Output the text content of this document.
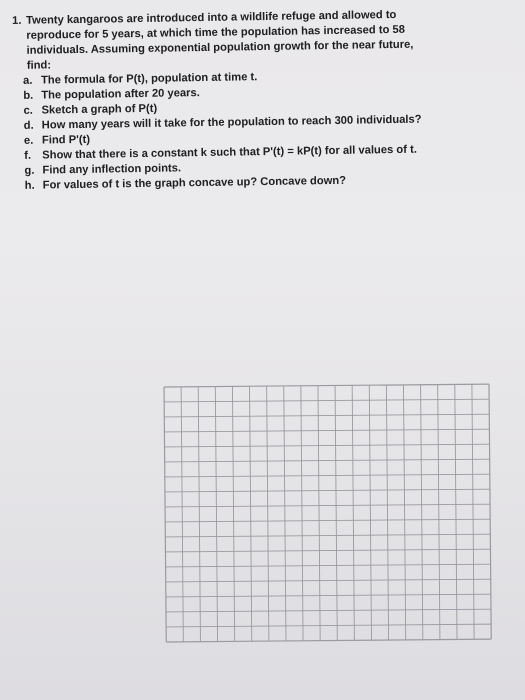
1. Twenty kangaroos are introduced into a wildlife refuge and allowed to
reproduce for 5 years, at which time the population has increased to 58
individuals. Assuming exponential population growth for the near future,
find:
a. The formula for P(t), population at time t.
b. The population after 20 years.
c. Sketch a graph of P(t)
d. How many years will it take for the population to reach 300 individuals?
e. Find P'(t)
f. Show that there is a constant k such that P'(t) = kP(t) for all values of t.
g. Find any inflection points.
h. For values of t is the graph concave up? Concave down?
